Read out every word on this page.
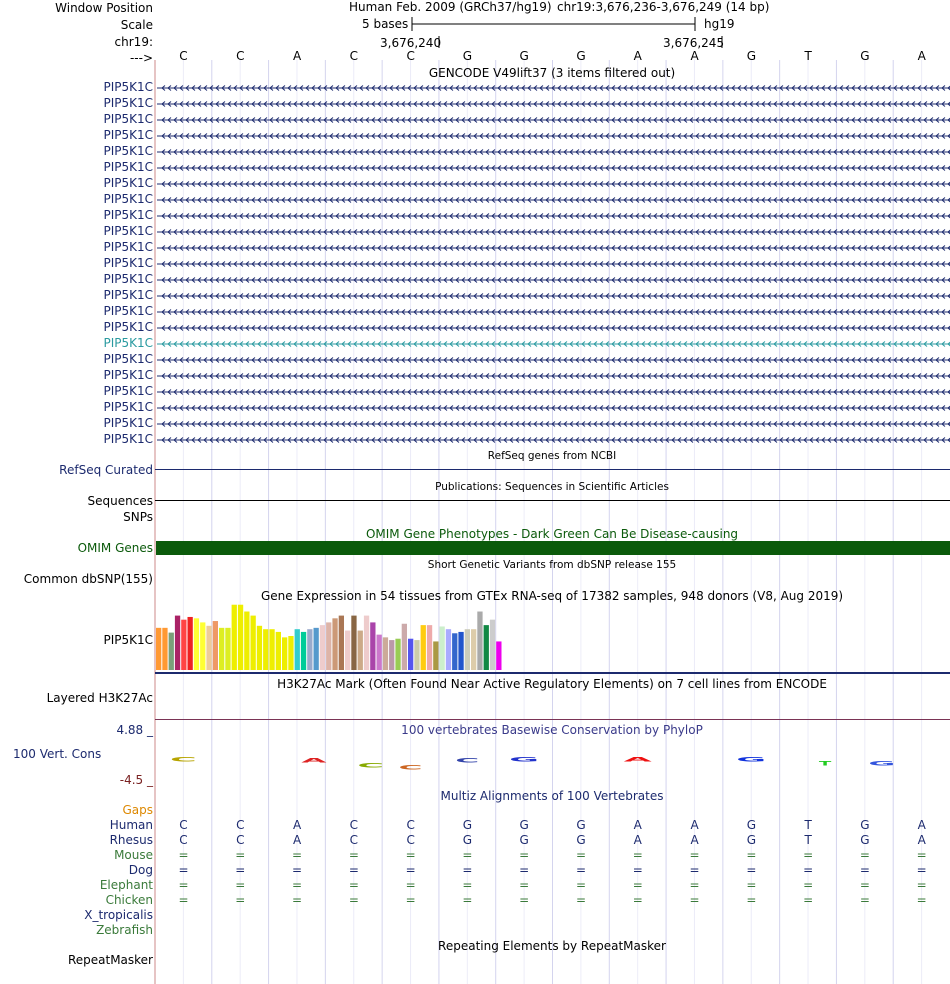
Window Position
Scale
chr19:
--->
Human Feb. 2009 (GRCh37/hg19) chr19:3,676,236-3,676,249 (14 bp)
5 bases	hg19
3,676,240	3,676,245
C	C	A	C	C	G	G	G	A	A	G	T	G	A
GENCODE V49lift37 (3 items filtered out)
PIP5K1C
PIP5K1C
PIP5K1C
PIP5K1C
PIP5K1C
PIP5K1C
PIP5K1C
PIP5K1C
PIP5K1C
PIP5K1C
PIP5K1C
PIP5K1C
PIP5K1C
PIP5K1C
PIP5K1C
PIP5K1C
PIP5K1C
PIP5K1C
PIP5K1C
PIP5K1C
PIP5K1C
PIP5K1C
PIP5K1C
RefSeq genes from NCBI
RefSeq Curated
Publications: Sequences in Scientific Articles
Sequences
SNPs
OMIM Gene Phenotypes - Dark Green Can Be Disease-causing
OMIM Genes
Short Genetic Variants from dbSNP release 155
Common dbSNP(155)
Gene Expression in 54 tissues from GTEx RNA-seq of 17382 samples, 948 donors (V8, Aug 2019)
PIP5K1C
H3K27Ac Mark (Often Found Near Active Regulatory Elements) on 7 cell lines from ENCODE
Layered H3K27Ac
100 vertebrates Basewise Conservation by PhyloP
4.88 _
100 Vert. Cons
-4.5 _
C	A
C C
C G	A	G
T	G
Gaps
Multiz Alignments of 100 Vertebrates
Human	C	C	A	C	C	G	G	G	A	A	G	T	G	A
Rhesus	C	C	A	C	C	G	G	G	A	A	G	T	G	A
Mouse	=	=	=	=	=	=	=	=	=	=	=	=	=	=
Dog	=	=	=	=	=	=	=	=	=	=	=	=	=	=
Elephant	=	=	=	=	=	=	=	=	=	=	=	=	=	=
Chicken	=	=	=	=	=	=	=	=	=	=	=	=	=	=
X_tropicalis
Zebrafish
Repeating Elements by RepeatMasker
RepeatMasker
